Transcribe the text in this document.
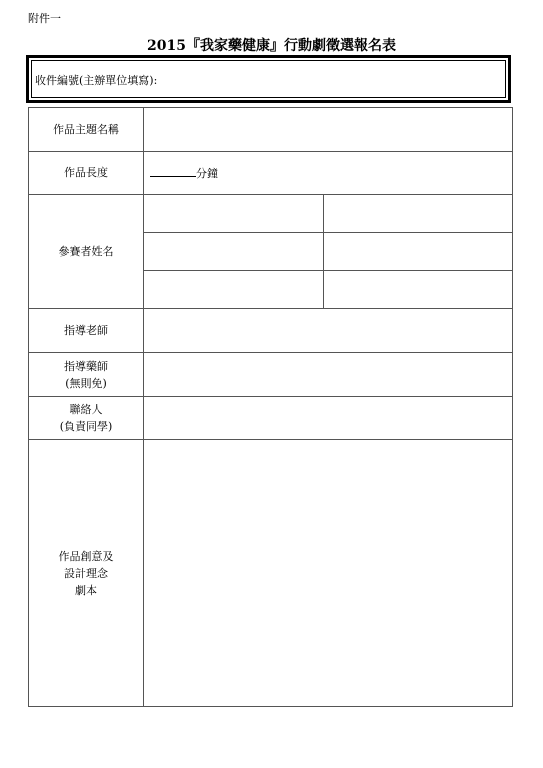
附件一
2015『我家藥健康』行動劇徵選報名表
收件編號(主辦單位填寫):
作品主題名稱		
作品長度	分鐘	

參賽者姓名		

指導老師		

指導藥師
(無則免)		

聯絡人
(負責同學)		

作品創意及
設計理念
劇本		
